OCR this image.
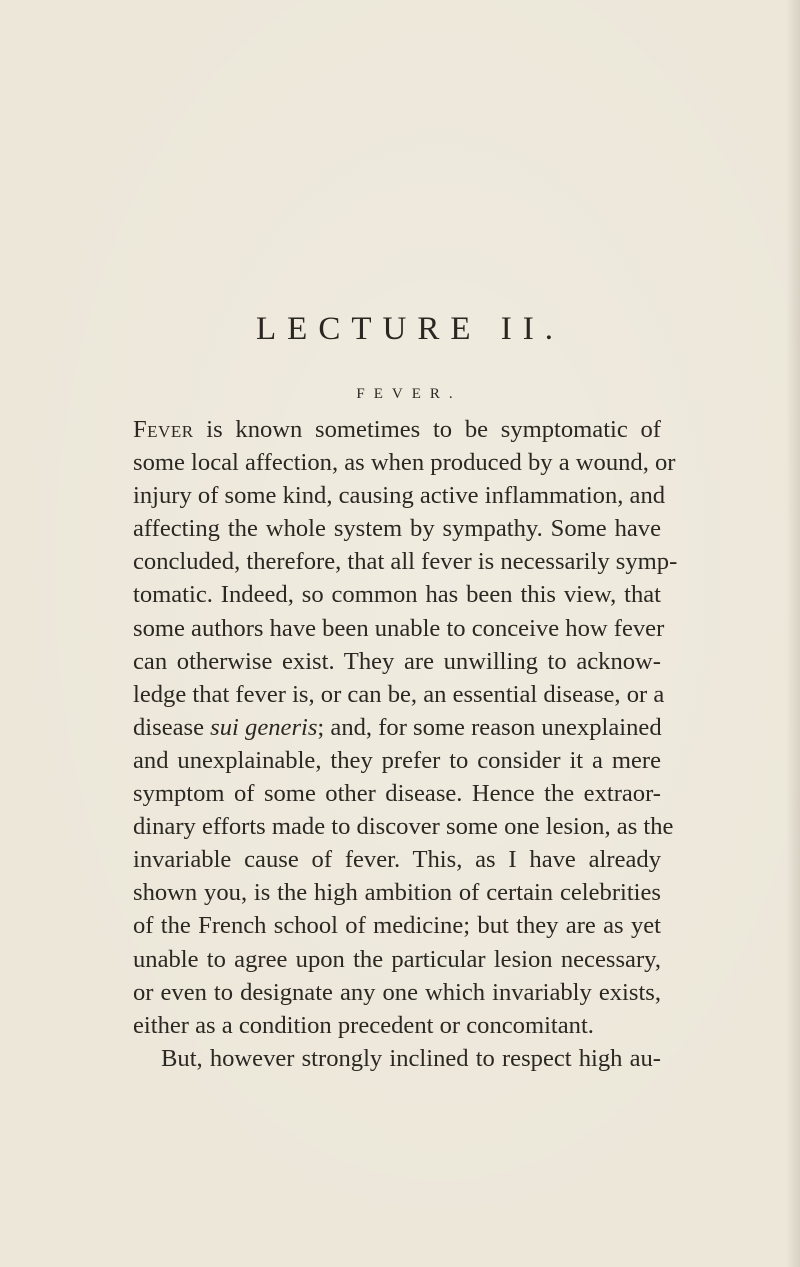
LECTURE II.
FEVER.
Fever is known sometimes to be symptomatic of
some local affection, as when produced by a wound, or
injury of some kind, causing active inflammation, and
affecting the whole system by sympathy. Some have
concluded, therefore, that all fever is necessarily symp-
tomatic. Indeed, so common has been this view, that
some authors have been unable to conceive how fever
can otherwise exist. They are unwilling to acknow-
ledge that fever is, or can be, an essential disease, or a
disease sui generis; and, for some reason unexplained
and unexplainable, they prefer to consider it a mere
symptom of some other disease. Hence the extraor-
dinary efforts made to discover some one lesion, as the
invariable cause of fever. This, as I have already
shown you, is the high ambition of certain celebrities
of the French school of medicine; but they are as yet
unable to agree upon the particular lesion necessary,
or even to designate any one which invariably exists,
either as a condition precedent or concomitant.
But, however strongly inclined to respect high au-
